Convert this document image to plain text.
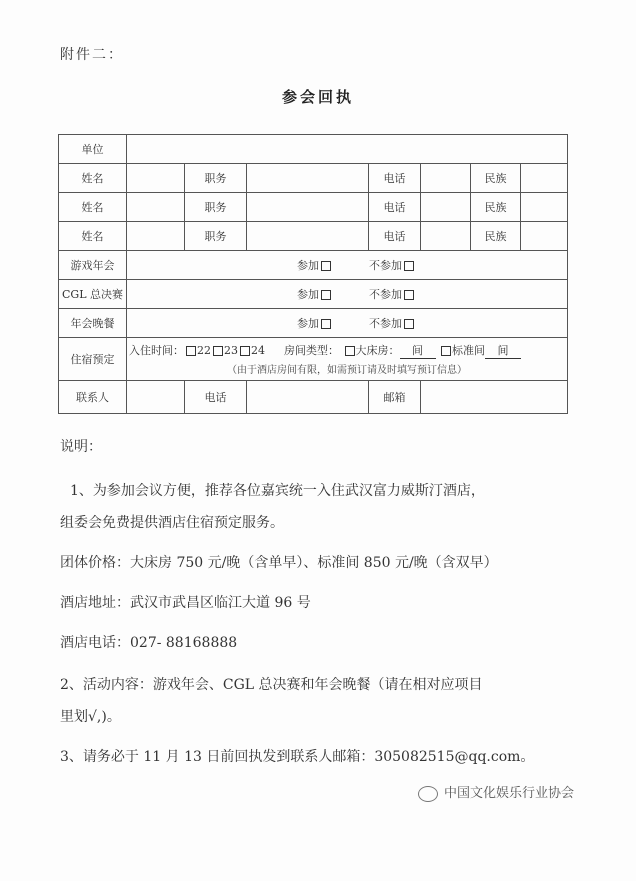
附件二：
参会回执
单位							
姓名		职务		电话		民族	
姓名		职务		电话		民族	
姓名		职务		电话		民族	
游戏年会	参加 不参加						
CGL 总决赛	参加 不参加						
年会晚餐	参加 不参加						
住宿预定	入住时间： 22 23 24 房间类型： 大床房： 间 标准间 间
（由于酒店房间有限，如需预订请及时填写预订信息）						

联系人		电话		邮箱			

说明：

1、为参加会议方便，推荐各位嘉宾统一入住武汉富力威斯汀酒店，

组委会免费提供酒店住宿预定服务。

团体价格：大床房 750 元/晚（含单早）、标准间 850 元/晚（含双早）

酒店地址：武汉市武昌区临江大道 96 号

酒店电话：027- 88168888

2、活动内容：游戏年会、CGL 总决赛和年会晚餐（请在相对应项目

里划√,)。

3、请务必于 11 月 13 日前回执发到联系人邮箱：305082515@qq.com。

中国文化娱乐行业协会
